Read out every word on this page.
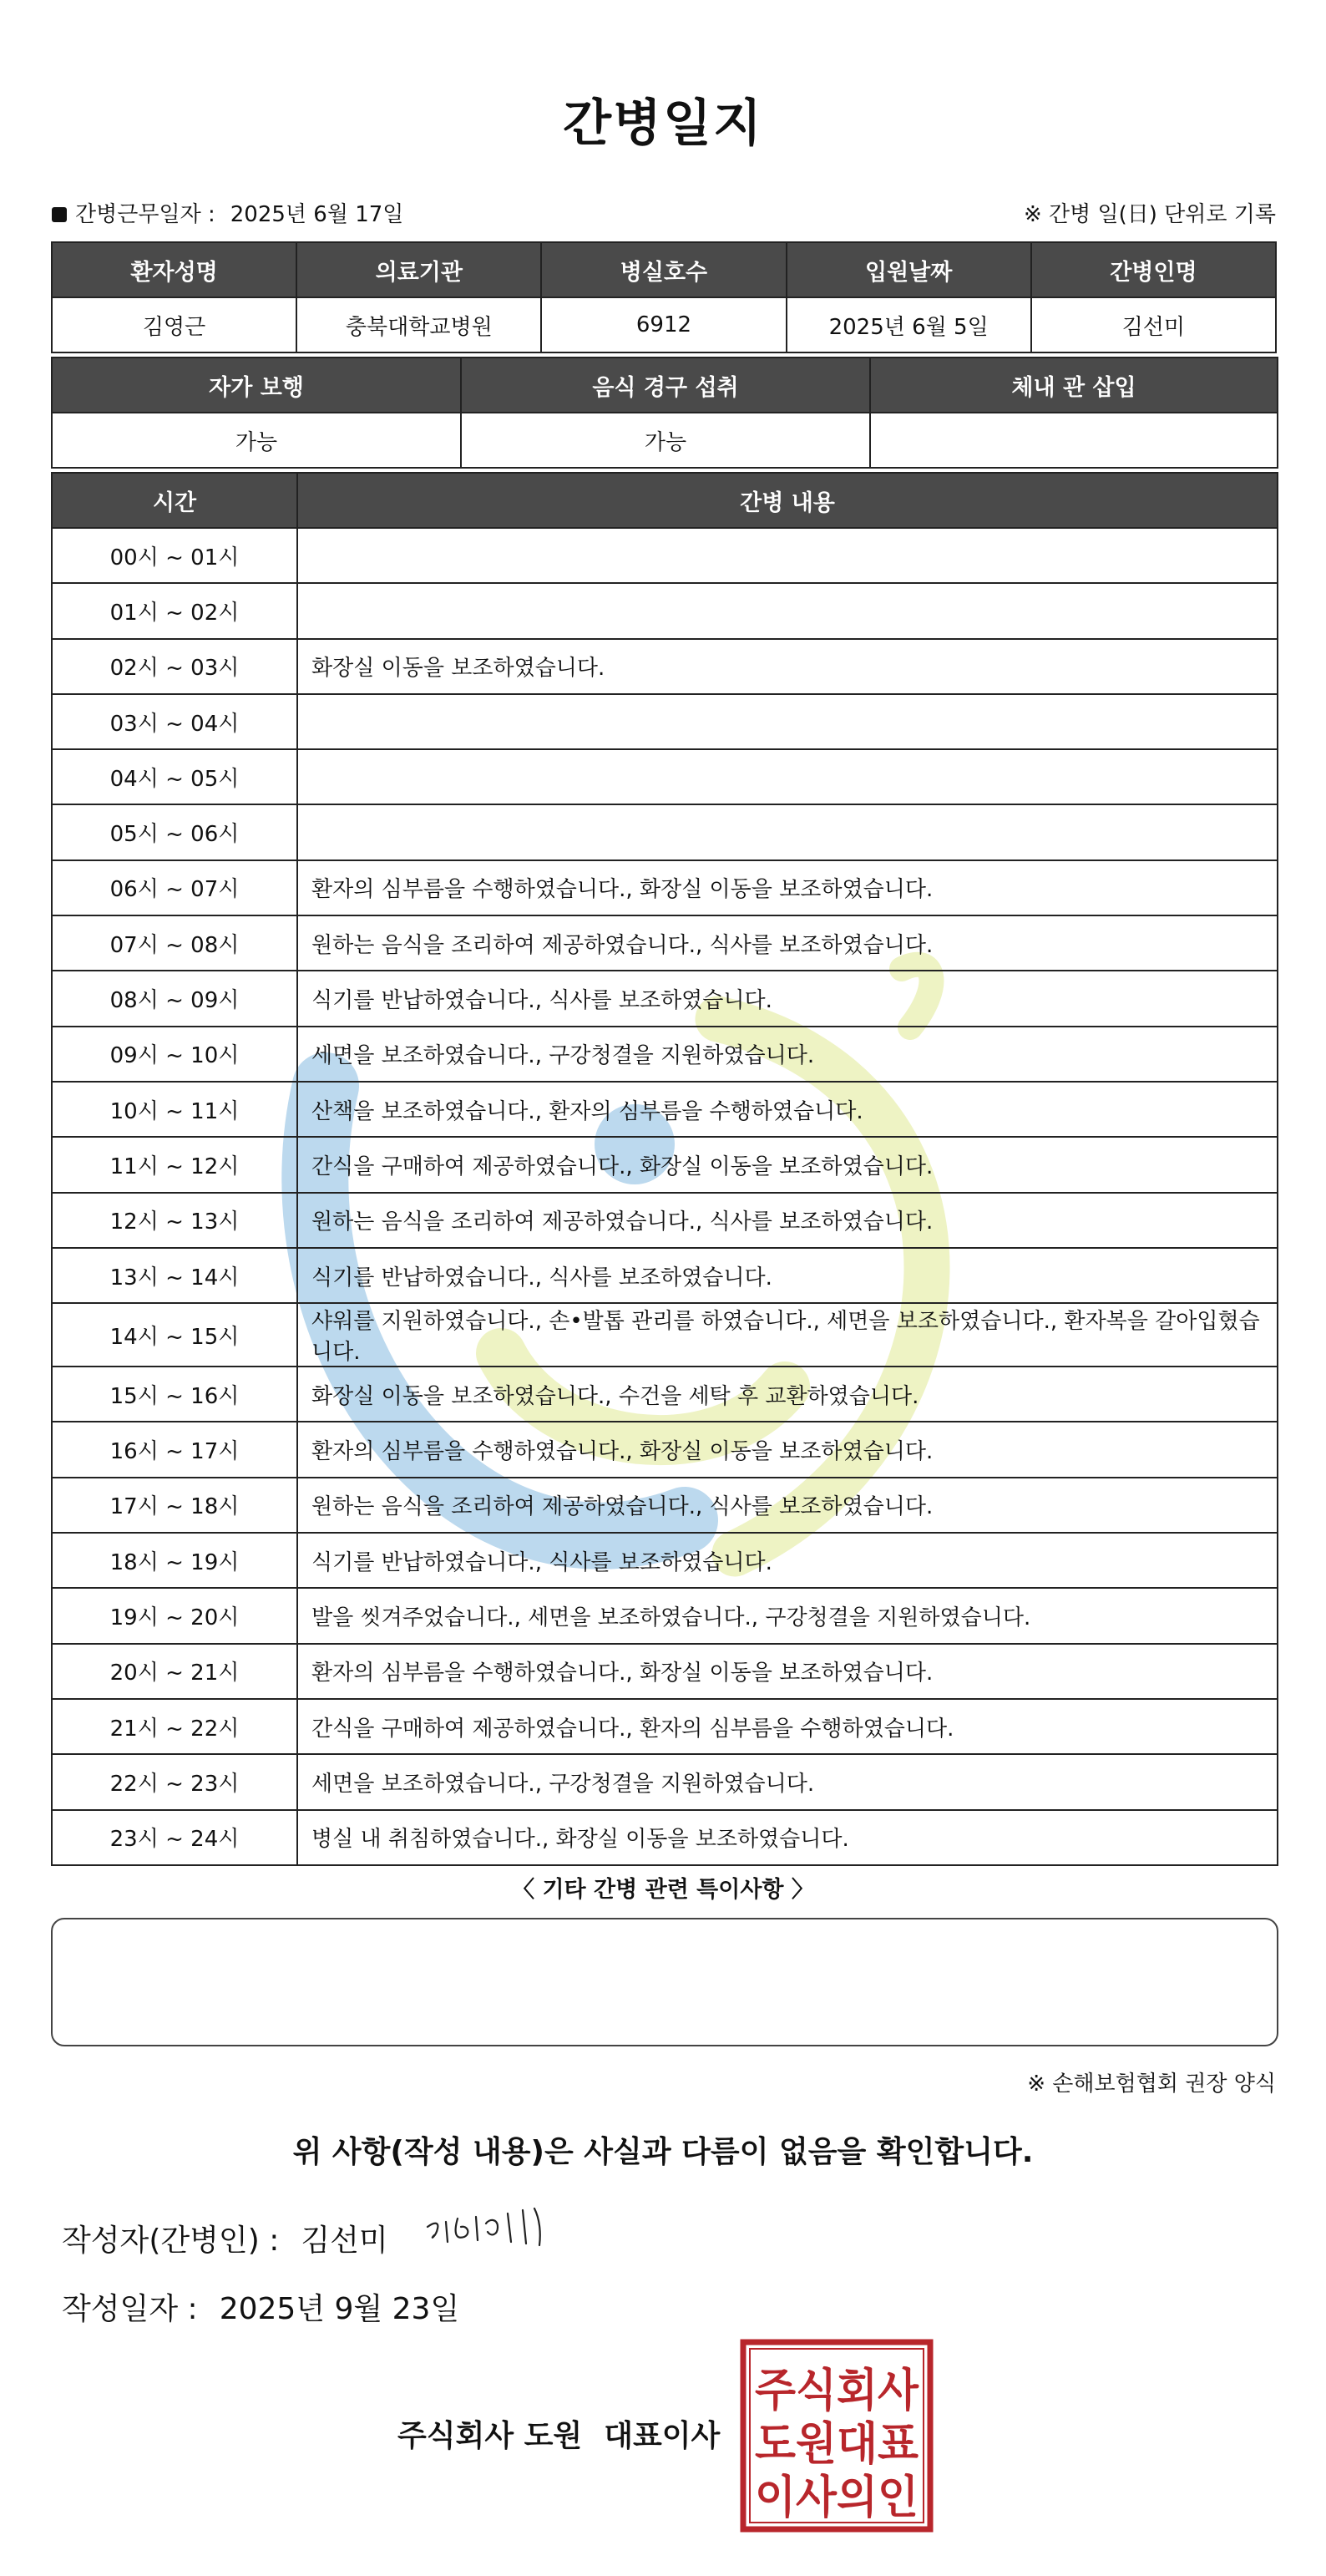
간병일지
간병근무일자 : 2025년 6월 17일	※ 간병 일(日) 단위로 기록
환자성명	의료기관	병실호수	입원날짜	간병인명
김영근	충북대학교병원	6912	2025년 6월 5일	김선미
자가 보행	음식 경구 섭취	체내 관 삽입
가능	가능	
시간	간병 내용
00시 ~ 01시	
01시 ~ 02시	
02시 ~ 03시	화장실 이동을 보조하였습니다.
03시 ~ 04시	
04시 ~ 05시	
05시 ~ 06시	
06시 ~ 07시	환자의 심부름을 수행하였습니다., 화장실 이동을 보조하였습니다.
07시 ~ 08시	원하는 음식을 조리하여 제공하였습니다., 식사를 보조하였습니다.
08시 ~ 09시	식기를 반납하였습니다., 식사를 보조하였습니다.
09시 ~ 10시	세면을 보조하였습니다., 구강청결을 지원하였습니다.
10시 ~ 11시	산책을 보조하였습니다., 환자의 심부름을 수행하였습니다.
11시 ~ 12시	간식을 구매하여 제공하였습니다., 화장실 이동을 보조하였습니다.
12시 ~ 13시	원하는 음식을 조리하여 제공하였습니다., 식사를 보조하였습니다.
13시 ~ 14시	식기를 반납하였습니다., 식사를 보조하였습니다.
14시 ~ 15시	샤워를 지원하였습니다., 손•발톱 관리를 하였습니다., 세면을 보조하였습니다., 환자복을 갈아입혔습니다.
15시 ~ 16시	화장실 이동을 보조하였습니다., 수건을 세탁 후 교환하였습니다.
16시 ~ 17시	환자의 심부름을 수행하였습니다., 화장실 이동을 보조하였습니다.
17시 ~ 18시	원하는 음식을 조리하여 제공하였습니다., 식사를 보조하였습니다.
18시 ~ 19시	식기를 반납하였습니다., 식사를 보조하였습니다.
19시 ~ 20시	발을 씻겨주었습니다., 세면을 보조하였습니다., 구강청결을 지원하였습니다.
20시 ~ 21시	환자의 심부름을 수행하였습니다., 화장실 이동을 보조하였습니다.
21시 ~ 22시	간식을 구매하여 제공하였습니다., 환자의 심부름을 수행하였습니다.
22시 ~ 23시	세면을 보조하였습니다., 구강청결을 지원하였습니다.
23시 ~ 24시	병실 내 취침하였습니다., 화장실 이동을 보조하였습니다.
〈 기타 간병 관련 특이사항 〉
※ 손해보험협회 권장 양식
위 사항(작성 내용)은 사실과 다름이 없음을 확인합니다.
작성자(간병인) : 김선미
작성일자 : 2025년 9월 23일
주식회사 도원 대표이사
주식회사
도원대표
이사의인
